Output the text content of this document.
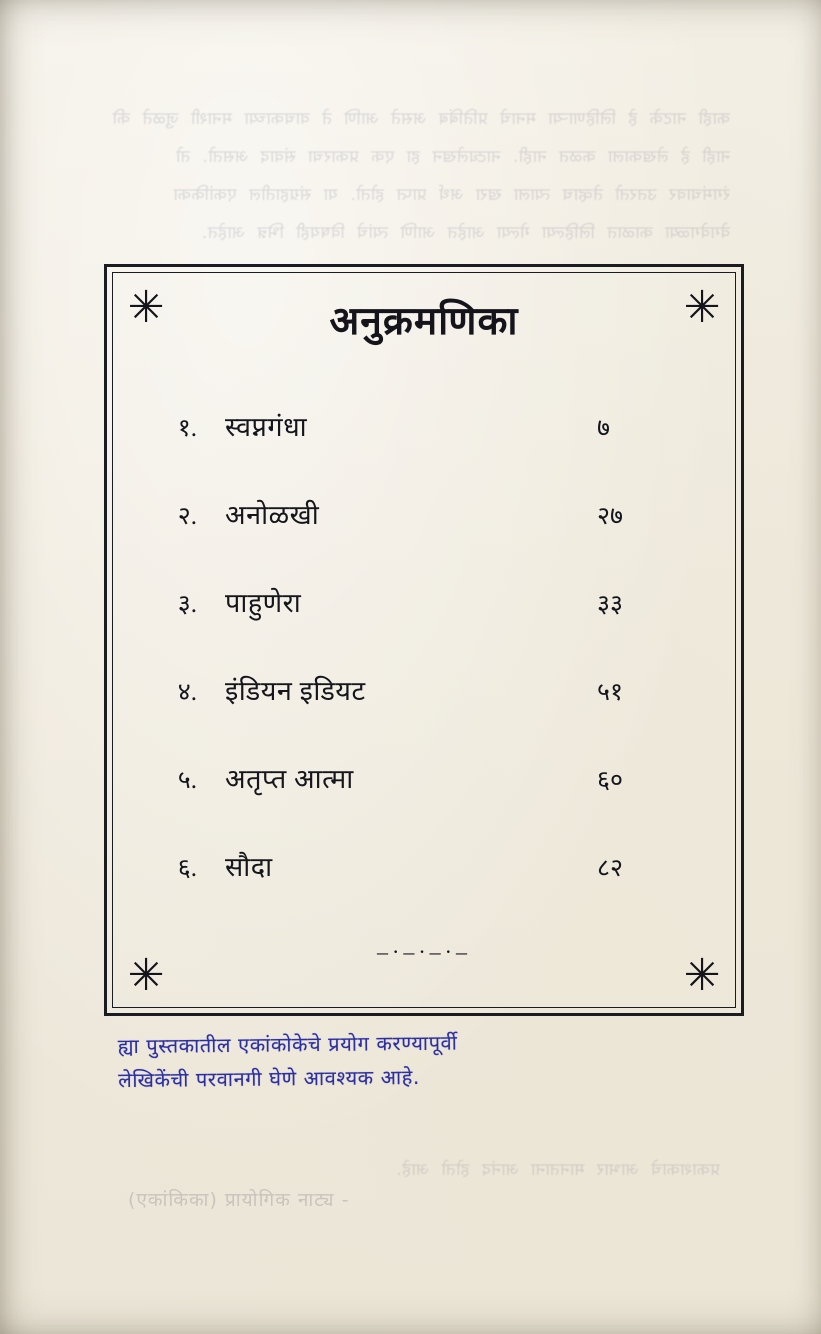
काही नाटके हे लिहिणाऱ्या मनाचे प्रतिबिंब असते आणि ते वाचकाच्या मनाशी जुळते की नाही हे लेखकाला कळत नाही. नाट्यलेखन हा एक प्रकारचा संवाद असतो. तो रंगमंचावर उतरतो तेव्हाच त्याला खरा अर्थ प्राप्त होतो. या संग्रहातील एकांकिका वेगवेगळ्या काळात लिहिल्या गेल्या आहेत आणि त्यांचे विषयही भिन्न आहेत.
प्रकाशकाचे आभार मानताना आनंद होतो आहे.
✳	✳
✳	✳
अनुक्रमणिका
१.	स्वप्नगंधा	७
२.	अनोळखी	२७
३.	पाहुणेरा	३३
४.	इंडियन इडियट	५१
५.	अतृप्त आत्मा	६०
६.	सौदा	८२
–·–·–·–
ह्या पुस्तकातील एकांकोकेचे प्रयोग करण्यापूर्वी
लेखिकेंची परवानगी घेणे आवश्यक आहे.
(एकांकिका) प्रायोगिक नाट्य -
